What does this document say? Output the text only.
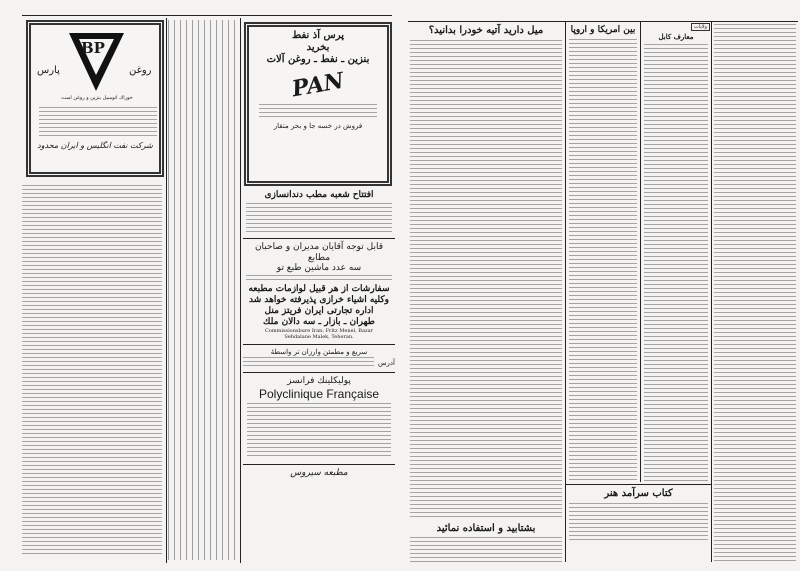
BP
پارس	روغن
خوراك اتومبيل بنزين و روغن است
شرکت نفت انگلیس و ایران محدود
پرس آذ نفط
بخرید
بنزین ـ نفط ـ روغن آلات
PAN
فروش در خسه جا و بحر متقار
افتتاح شعبه مطب دندانسازی
قابل توجه آقایان مدیران و صاحبان مطابع
سه عدد ماشین طبع تو
سفارشات از هر قبیل لوازمات مطبعه
وکلیه اشیاء خرازی پذیرفته خواهد شد
اداره تجارتی ایران فریتز منل
طهران ـ بازار ـ سه دالان ملك
Commissionsbure Iran, Fritz Menel, Bazar Sehdalane Malek, Teheran.
سریع و مطمئن وارزان تر واسطهٔ
آدرس
پولیکلینك فرانسز
Polyclinique Française
مطبعه سیروس
میل دارید آتیه خودرا بدانید؟
بشتابید و استفاده نمائید
بین امریکا و اروپا	ولایات
معارف کابل
کتاب سرآمد هنر
